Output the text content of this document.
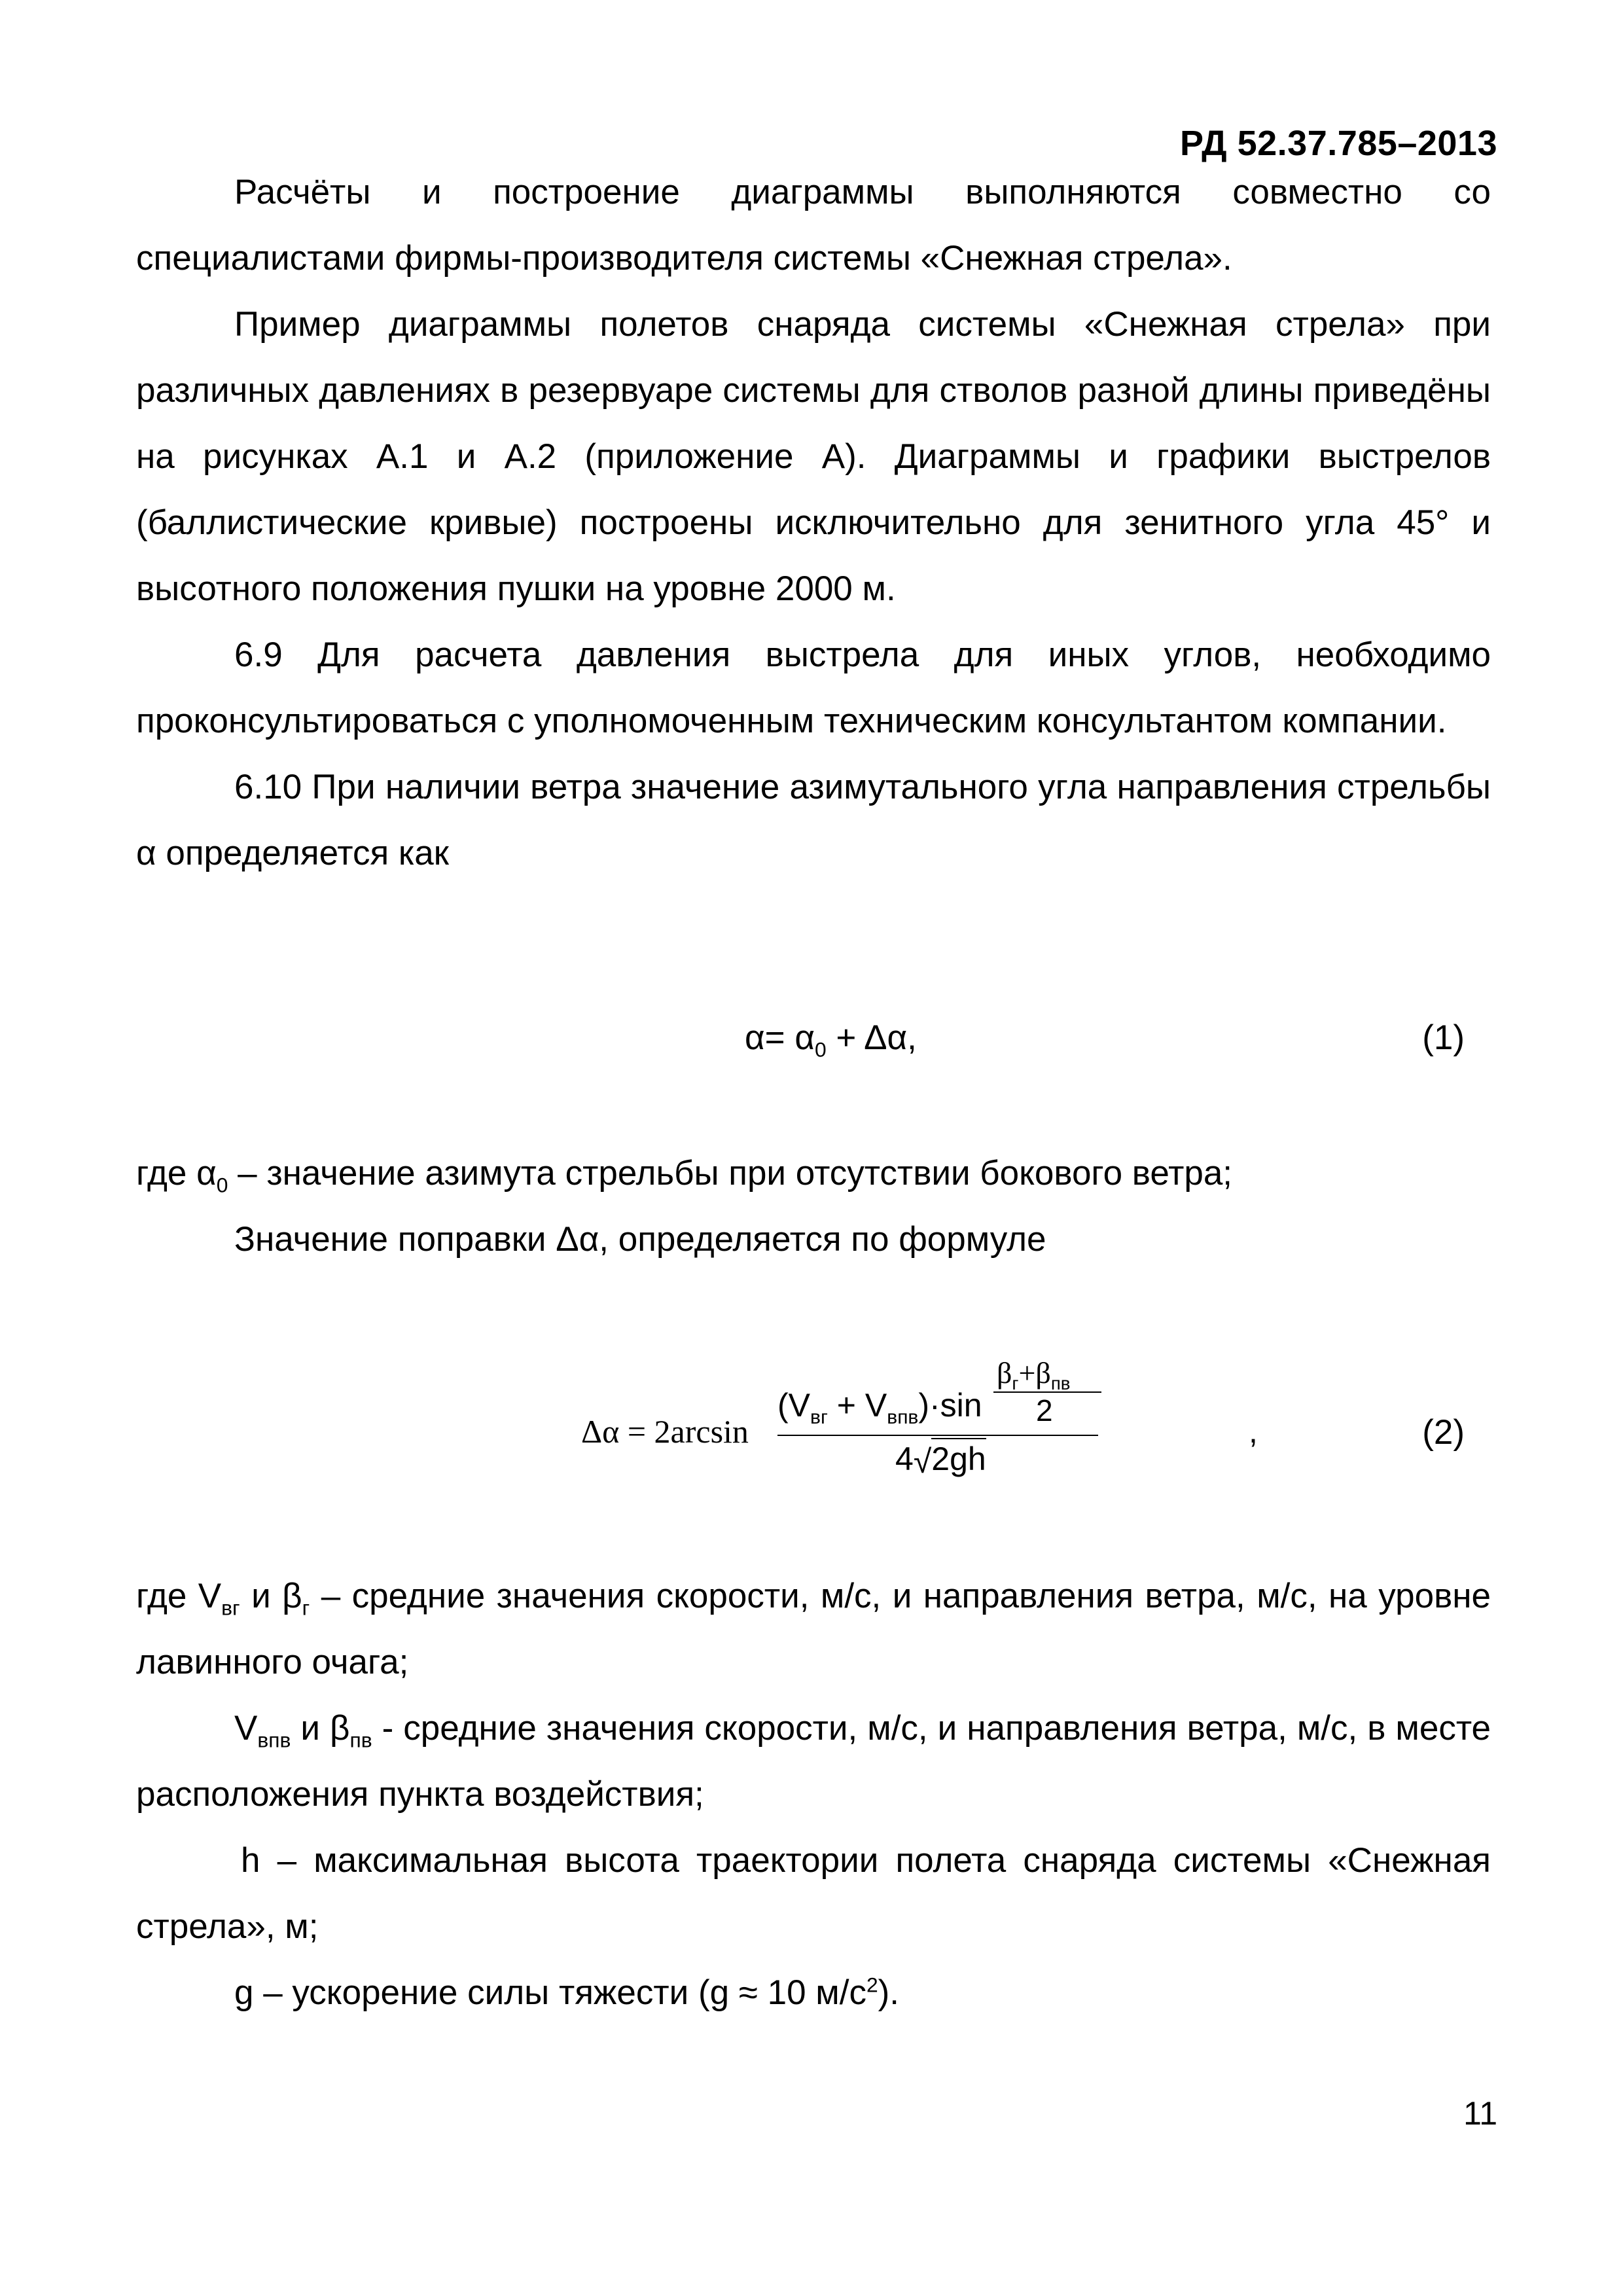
РД 52.37.785–2013

Расчёты и построение диаграммы выполняются совместно со специалистами фирмы-производителя системы «Снежная стрела».

Пример диаграммы полетов снаряда системы «Снежная стрела» при различных давлениях в резервуаре системы для стволов разной длины приведёны на рисунках А.1 и А.2 (приложение А). Диаграммы и графики выстрелов (баллистические кривые) построены исключительно для зенитного угла 45° и высотного положения пушки на уровне 2000 м.

6.9 Для расчета давления выстрела для иных углов, необходимо проконсультироваться с уполномоченным техническим консультантом компании.

6.10 При наличии ветра значение азимутального угла направления стрельбы α определяется как

$\alpha= \alpha_0 + \Delta\alpha$,	(1)

где $\alpha_0$ – значение азимута стрельбы при отсутствии бокового ветра;

Значение поправки Δα, определяется по формуле

Δα = 2arcsin
$(V_{вг} + V_{впв})\cdot\sin$
$\beta_г+\beta_{пв}$
2
4√2gh
,	(2)

где $V_{вг}$ и $\beta_г$ – средние значения скорости, м/с, и направления ветра, м/с, на уровне лавинного очага;

$V_{впв}$ и $\beta_{пв}$ - средние значения скорости, м/с, и направления ветра, м/с, в месте расположения пункта воздействия;

h – максимальная высота траектории полета снаряда системы «Снежная стрела», м;

g – ускорение силы тяжести (g ≈ 10 $м/с^2$).

11
